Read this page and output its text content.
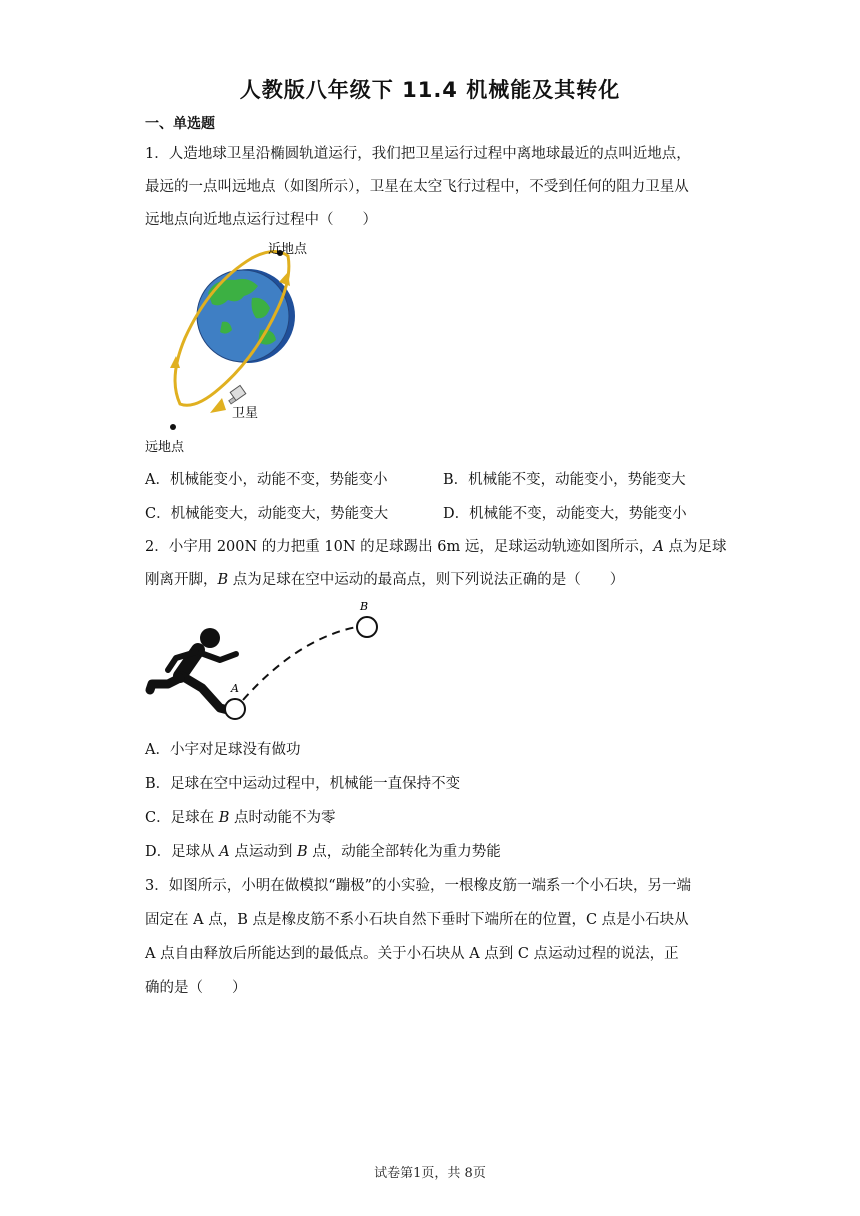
人教版八年级下 11.4 机械能及其转化
一、单选题
1．人造地球卫星沿椭圆轨道运行，我们把卫星运行过程中离地球最近的点叫近地点，
最远的一点叫远地点（如图所示），卫星在太空飞行过程中，不受到任何的阻力卫星从
远地点向近地点运行过程中（　　）
近地点
卫星
远地点
A．机械能变小，动能不变，势能变小	B．机械能不变，动能变小，势能变大
C．机械能变大，动能变大，势能变大	D．机械能不变，动能变大，势能变小
2．小宇用 200N 的力把重 10N 的足球踢出 6m 远，足球运动轨迹如图所示，A 点为足球
刚离开脚，B 点为足球在空中运动的最高点，则下列说法正确的是（　　）
A
B
A．小宇对足球没有做功
B．足球在空中运动过程中，机械能一直保持不变
C．足球在 B 点时动能不为零
D．足球从 A 点运动到 B 点，动能全部转化为重力势能
3．如图所示，小明在做模拟“蹦极”的小实验，一根橡皮筋一端系一个小石块，另一端
固定在 A 点，B 点是橡皮筋不系小石块自然下垂时下端所在的位置，C 点是小石块从
A 点自由释放后所能达到的最低点。关于小石块从 A 点到 C 点运动过程的说法，正
确的是（　　）
试卷第1页，共 8页
